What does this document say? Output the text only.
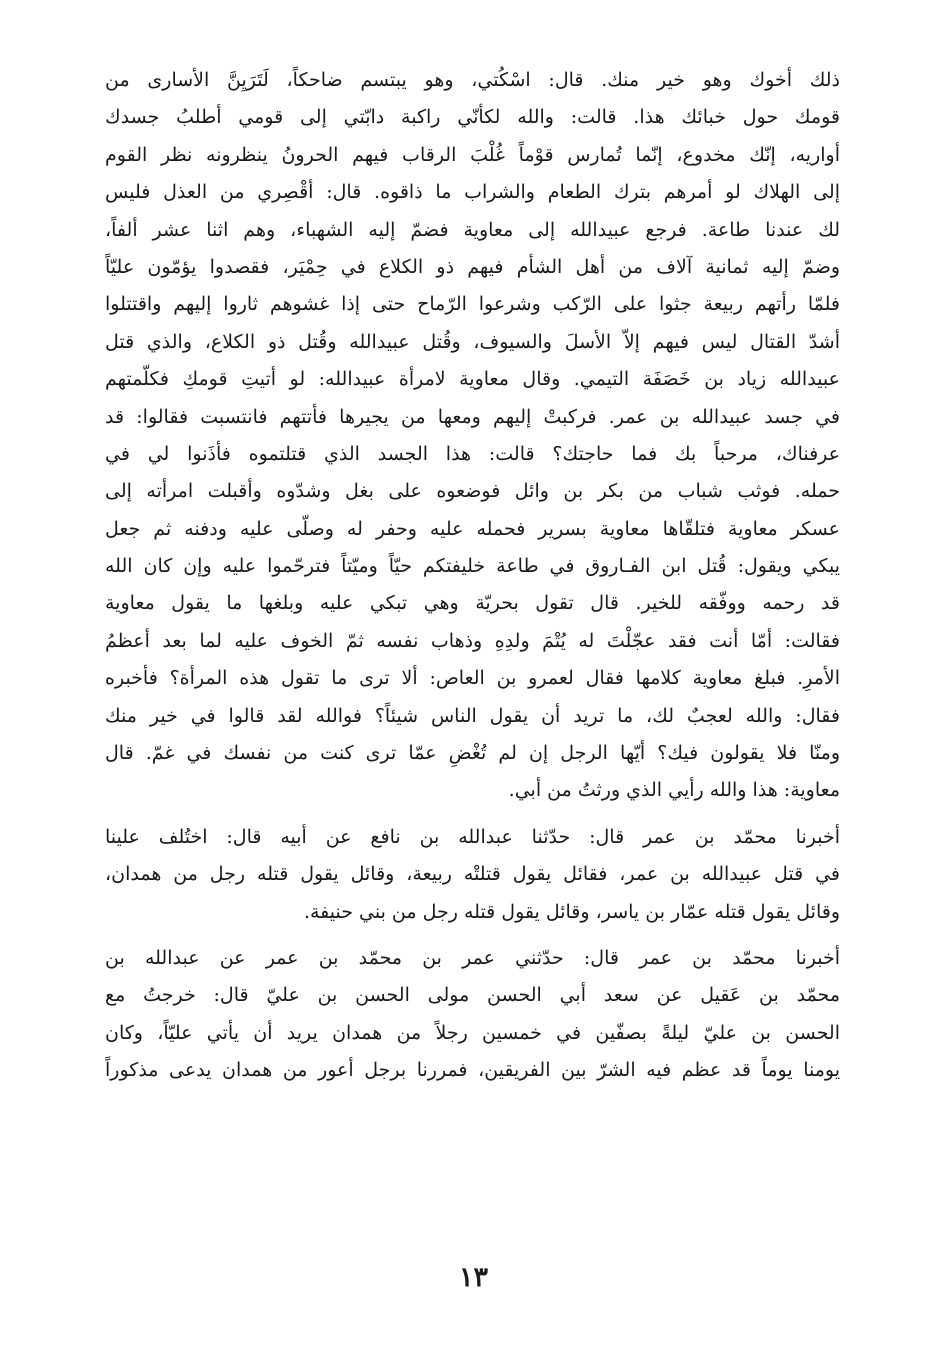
ذلك أخوك وهو خير منك. قال: اسْكُتي، وهو يبتسم ضاحكاً، لَتَرَيِنَّ الأسارى من
قومك حول خبائك هذا. قالت: والله لكأنّي راكبة دابّتي إلى قومي أطلبُ جسدك
أواريه، إنّك مخدوع، إنّما تُمارس قوْماً غُلْبَ الرقاب فيهم الحرونُ ينظرونه نظر القوم
إلى الهلاك لو أمرهم بترك الطعام والشراب ما ذاقوه. قال: أقْصِري من العذل فليس
لك عندنا طاعة. فرجع عبيدالله إلى معاوية فضمّ إليه الشهباء، وهم اثنا عشر ألفاً،
وضمّ إليه ثمانية آلاف من أهل الشأم فيهم ذو الكلاع في حِمْيَر، فقصدوا يؤمّون عليّاً
فلمّا رأتهم ربيعة جثوا على الرّكب وشرعوا الرّماح حتى إذا غشوهم ثاروا إليهم واقتتلوا
أشدّ القتال ليس فيهم إلاّ الأسلَ والسيوف، وقُتل عبيدالله وقُتل ذو الكلاع، والذي قتل
عبيدالله زياد بن خَصَفَة التيمي. وقال معاوية لامرأة عبيدالله: لو أتيتِ قومكِ فكلّمتهم
في جسد عبيدالله بن عمر. فركبتْ إليهم ومعها من يجيرها فأتتهم فانتسبت فقالوا: قد
عرفناك، مرحباً بك فما حاجتك؟ قالت: هذا الجسد الذي قتلتموه فأذَنوا لي في
حمله. فوثب شباب من بكر بن وائل فوضعوه على بغل وشدّوه وأقبلت امرأته إلى
عسكر معاوية فتلقّاها معاوية بسرير فحمله عليه وحفر له وصلّى عليه ودفنه ثم جعل
يبكي ويقول: قُتل ابن الفـاروق في طاعة خليفتكم حيّاً وميّتاً فترحّموا عليه وإن كان الله
قد رحمه ووفّقه للخير. قال تقول بحريّة وهي تبكي عليه وبلغها ما يقول معاوية
فقالت: أمّا أنت فقد عجّلْتَ له يُتْمَ ولدِهِ وذهاب نفسه ثمّ الخوف عليه لما بعد أعظمُ
الأمرِ. فبلغ معاوية كلامها فقال لعمرو بن العاص: ألا ترى ما تقول هذه المرأة؟ فأخبره
فقال: والله لعجبٌ لك، ما تريد أن يقول الناس شيئاً؟ فوالله لقد قالوا في خير منك
ومنّا فلا يقولون فيك؟ أيّها الرجل إن لم تُغْضِ عمّا ترى كنت من نفسك في غمّ. قال
معاوية: هذا والله رأيي الذي ورثتُ من أبي.
أخبرنا محمّد بن عمر قال: حدّثنا عبدالله بن نافع عن أبيه قال: اختُلف علينا
في قتل عبيدالله بن عمر، فقائل يقول قتلتْه ربيعة، وقائل يقول قتله رجل من همدان،
وقائل يقول قتله عمّار بن ياسر، وقائل يقول قتله رجل من بني حنيفة.
أخبرنا محمّد بن عمر قال: حدّثني عمر بن محمّد بن عمر عن عبدالله بن
محمّد بن عَقيل عن سعد أبي الحسن مولى الحسن بن عليّ قال: خرجتُ مع
الحسن بن عليّ ليلةً بصفّين في خمسين رجلاً من همدان يريد أن يأتي عليّاً، وكان
يومنا يوماً قد عظم فيه الشرّ بين الفريقين، فمررنا برجل أعور من همدان يدعى مذكوراً
١٣
